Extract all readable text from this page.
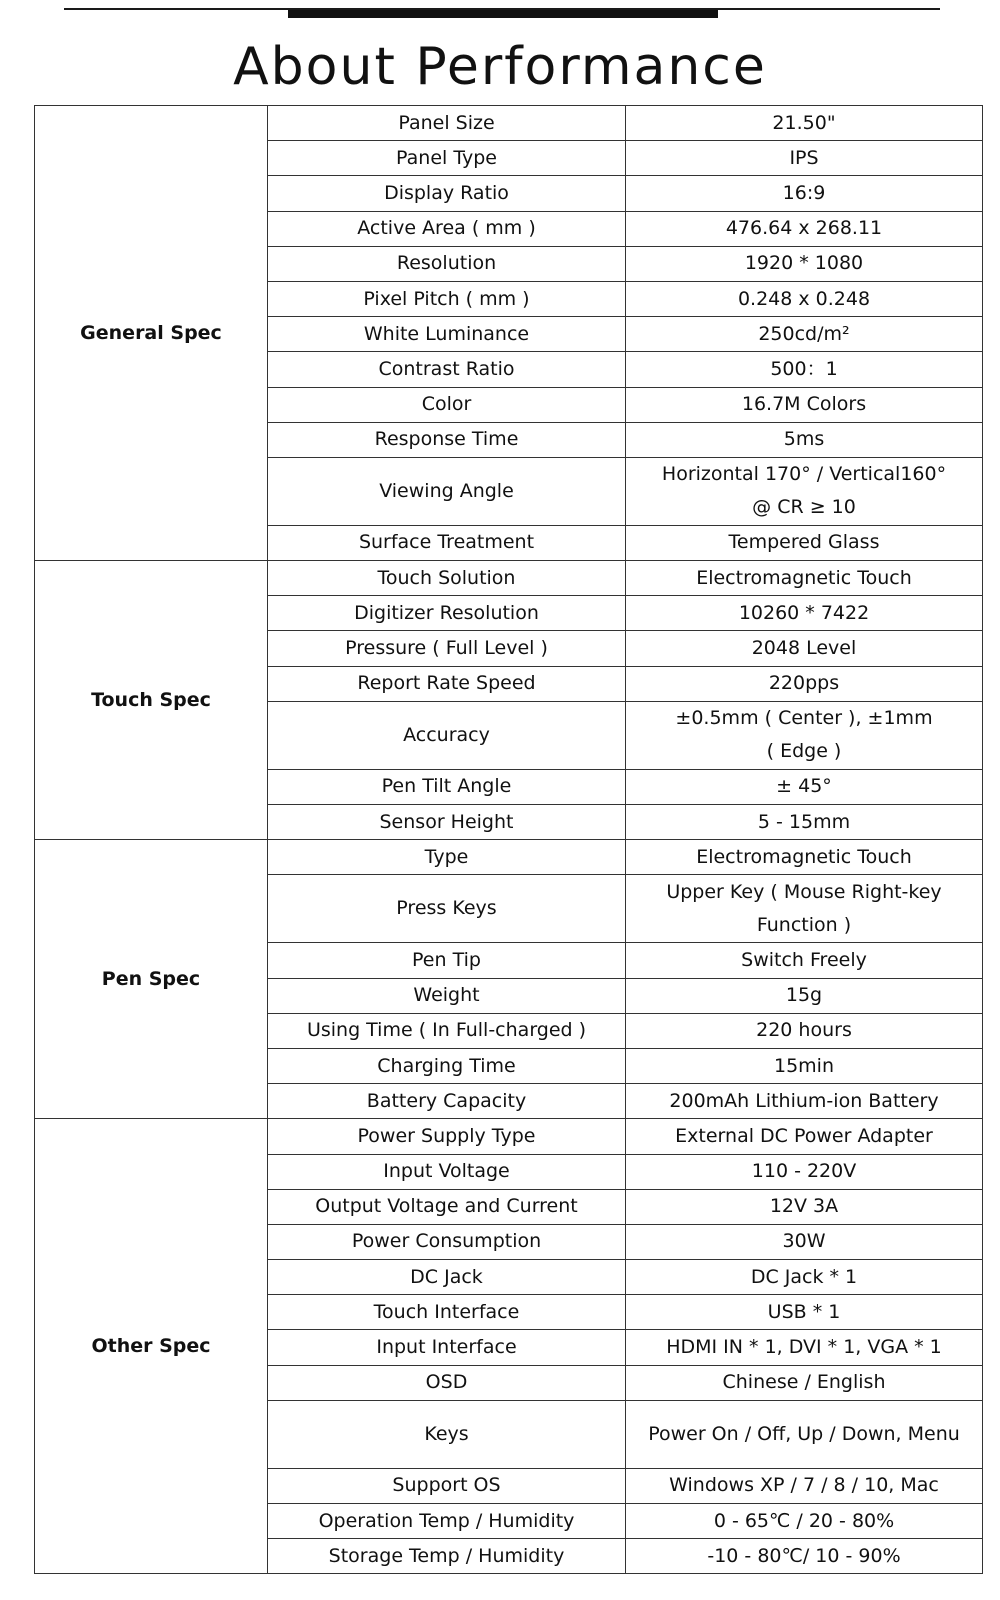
About Performance
General Spec	Panel Size	21.50"
	Panel Type	IPS
	Display Ratio	16:9
	Active Area ( mm )	476.64 x 268.11
	Resolution	1920 * 1080
	Pixel Pitch ( mm )	0.248 x 0.248
	White Luminance	250cd/m²
	Contrast Ratio	500：1
	Color	16.7M Colors
	Response Time	5ms
	Viewing Angle	Horizontal 170° / Vertical160°
@ CR ≥ 10

	Surface Treatment	Tempered Glass
Touch Spec	Touch Solution	Electromagnetic Touch
	Digitizer Resolution	10260 * 7422
	Pressure ( Full Level )	2048 Level
	Report Rate Speed	220pps
	Accuracy	±0.5mm ( Center ), ±1mm
( Edge )

	Pen Tilt Angle	± 45°
	Sensor Height	5 - 15mm
Pen Spec	Type	Electromagnetic Touch
	Press Keys	Upper Key ( Mouse Right-key
Function )

	Pen Tip	Switch Freely
	Weight	15g
	Using Time ( In Full-charged )	220 hours
	Charging Time	15min
	Battery Capacity	200mAh Lithium-ion Battery
Other Spec	Power Supply Type	External DC Power Adapter
	Input Voltage	110 - 220V
	Output Voltage and Current	12V 3A
	Power Consumption	30W
	DC Jack	DC Jack * 1
	Touch Interface	USB * 1
	Input Interface	HDMI IN * 1, DVI * 1, VGA * 1
	OSD	Chinese / English
	Keys	Power On / Off, Up / Down, Menu
	Support OS	Windows XP / 7 / 8 / 10, Mac
	Operation Temp / Humidity	0 - 65℃ / 20 - 80%
	Storage Temp / Humidity	-10 - 80℃/ 10 - 90%
